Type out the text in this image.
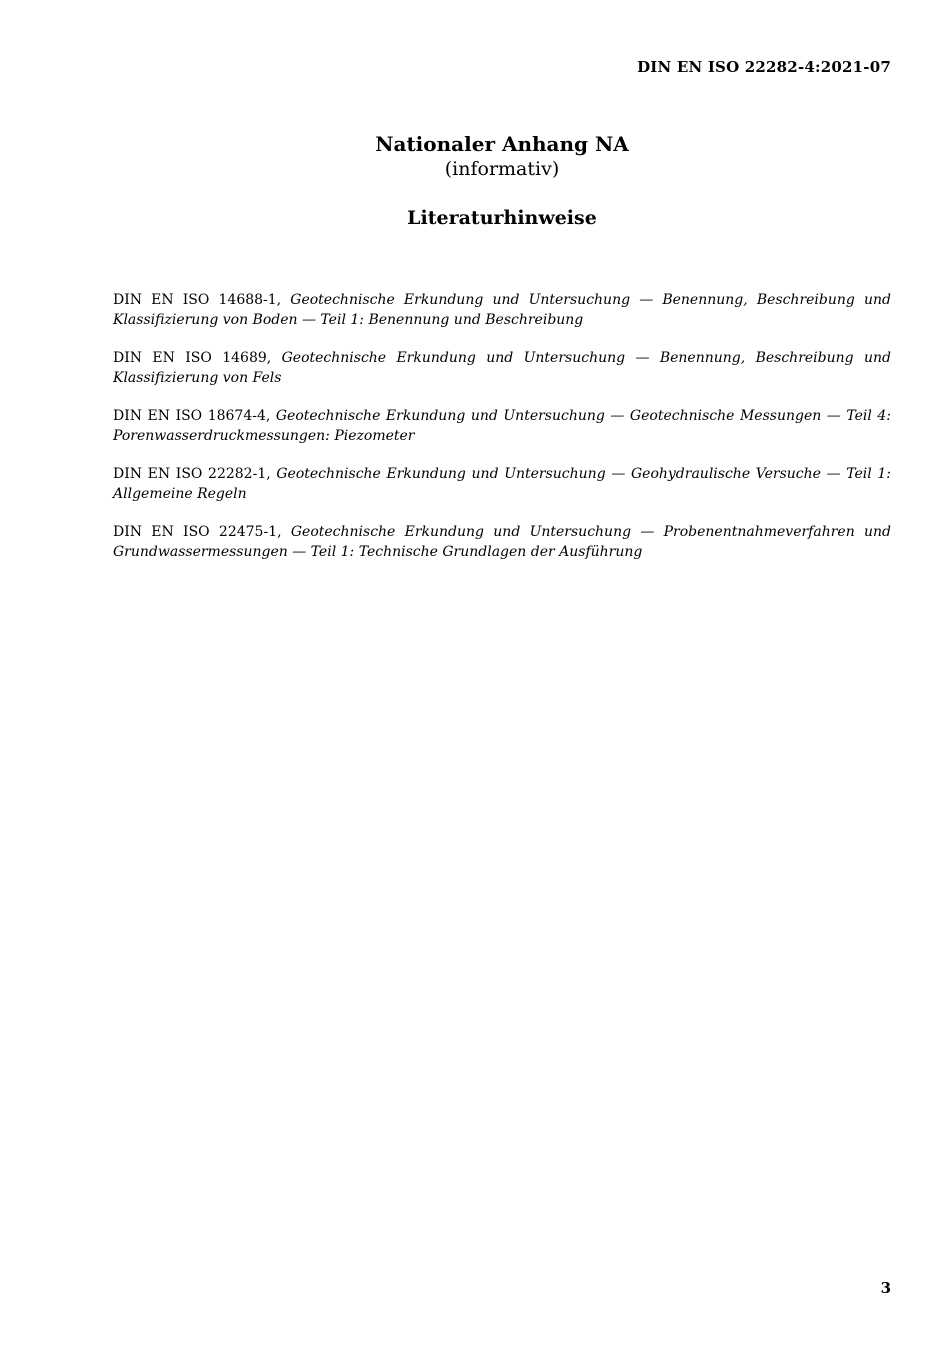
DIN EN ISO 22282-4:2021-07
Nationaler Anhang NA
(informativ)
Literaturhinweise
DIN EN ISO 14688-1, Geotechnische Erkundung und Untersuchung — Benennung, Beschreibung und Klassifizierung von Boden — Teil 1: Benennung und Beschreibung
DIN EN ISO 14689, Geotechnische Erkundung und Untersuchung — Benennung, Beschreibung und Klassifizierung von Fels
DIN EN ISO 18674-4, Geotechnische Erkundung und Untersuchung — Geotechnische Messungen — Teil 4: Porenwasserdruckmessungen: Piezometer
DIN EN ISO 22282-1, Geotechnische Erkundung und Untersuchung — Geohydraulische Versuche — Teil 1: Allgemeine Regeln
DIN EN ISO 22475-1, Geotechnische Erkundung und Untersuchung — Probenentnahmeverfahren und Grundwassermessungen — Teil 1: Technische Grundlagen der Ausführung
3
